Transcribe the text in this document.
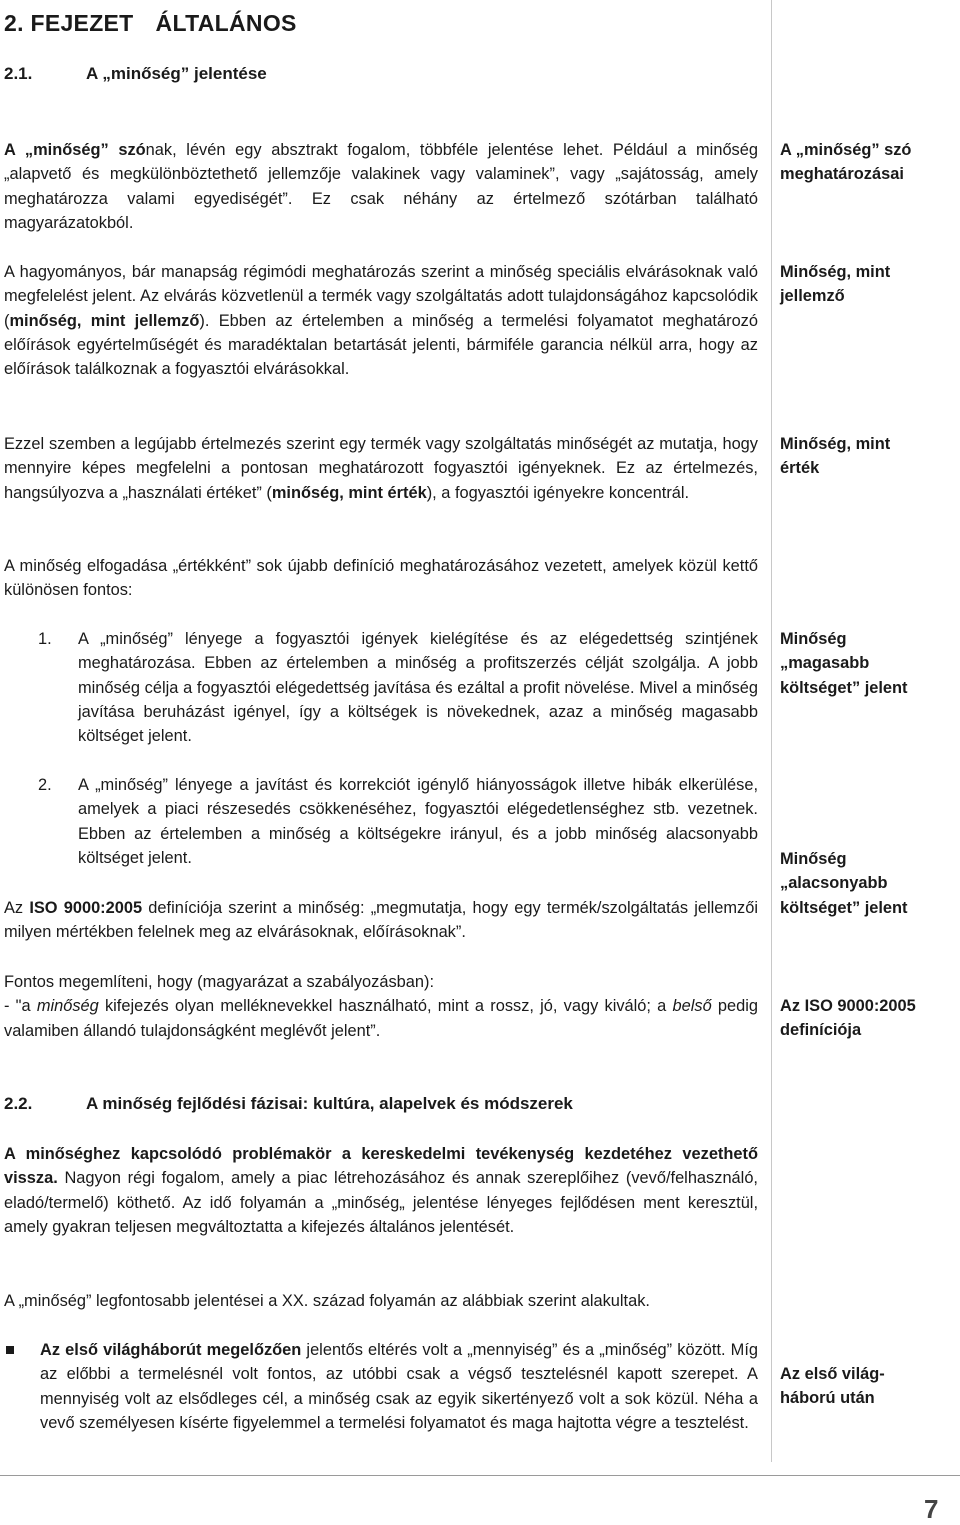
2. FEJEZET ÁLTALÁNOS
2.1.	A „minőség” jelentése

A „minőség” szónak, lévén egy absztrakt fogalom, többféle jelentése lehet. Például a minőség „alapvető és megkülönböztethető jellemzője valakinek vagy valaminek”, vagy „sajátosság, amely meghatározza valami egyediségét”. Ez csak néhány az értelmező szótárban található magyarázatokból.

A hagyományos, bár manapság régimódi meghatározás szerint a minőség speciális elvárásoknak való megfelelést jelent. Az elvárás közvetlenül a termék vagy szolgáltatás adott tulajdonságához kapcsolódik (minőség, mint jellemző). Ebben az értelemben a minőség a termelési folyamatot meghatározó előírások egyértelműségét és maradéktalan betartását jelenti, bármiféle garancia nélkül arra, hogy az előírások találkoznak a fogyasztói elvárásokkal.

Ezzel szemben a legújabb értelmezés szerint egy termék vagy szolgáltatás minőségét az mutatja, hogy mennyire képes megfelelni a pontosan meghatározott fogyasztói igényeknek. Ez az értelmezés, hangsúlyozva a „használati értéket” (minőség, mint érték), a fogyasztói igényekre koncentrál.

A minőség elfogadása „értékként” sok újabb definíció meghatározásához vezetett, amelyek közül kettő különösen fontos:

1. A „minőség” lényege a fogyasztói igények kielégítése és az elégedettség szintjének meghatározása. Ebben az értelemben a minőség a profitszerzés célját szolgálja. A jobb minőség célja a fogyasztói elégedettség javítása és ezáltal a profit növelése. Mivel a minőség javítása beruházást igényel, így a költségek is növekednek, azaz a minőség magasabb költséget jelent.
2. A „minőség” lényege a javítást és korrekciót igénylő hiányosságok illetve hibák elkerülése, amelyek a piaci részesedés csökkenéséhez, fogyasztói elégedetlenséghez stb. vezetnek. Ebben az értelemben a minőség a költségekre irányul, és a jobb minőség alacsonyabb költséget jelent.

Az ISO 9000:2005 definíciója szerint a minőség: „megmutatja, hogy egy termék/szolgáltatás jellemzői milyen mértékben felelnek meg az elvárásoknak, előírásoknak”.

Fontos megemlíteni, hogy (magyarázat a szabályozásban):
- "a minőség kifejezés olyan melléknevekkel használható, mint a rossz, jó, vagy kiváló; a belső pedig valamiben állandó tulajdonságként meglévőt jelent”.
2.2.	A minőség fejlődési fázisai: kultúra, alapelvek és módszerek

A minőséghez kapcsolódó problémakör a kereskedelmi tevékenység kezdetéhez vezethető vissza. Nagyon régi fogalom, amely a piac létrehozásához és annak szereplőihez (vevő/felhasználó, eladó/termelő) köthető. Az idő folyamán a „minőség„ jelentése lényeges fejlődésen ment keresztül, amely gyakran teljesen megváltoztatta a kifejezés általános jelentését.

A „minőség” legfontosabb jelentései a XX. század folyamán az alábbiak szerint alakultak.

Az első világháborút megelőzően jelentős eltérés volt a „mennyiség” és a „minőség” között. Míg az előbbi a termelésnél volt fontos, az utóbbi csak a végső tesztelésnél kapott szerepet. A mennyiség volt az elsődleges cél, a minőség csak az egyik sikertényező volt a sok közül. Néha a vevő személyesen kísérte figyelemmel a termelési folyamatot és maga hajtotta végre a tesztelést.
A „minőség” szó
meghatározásai
Minőség, mint
jellemző
Minőség, mint
érték
Minőség
„magasabb
költséget” jelent
Minőség
„alacsonyabb
költséget” jelent
Az ISO 9000:2005
definíciója
Az első világ-
háború után
7
